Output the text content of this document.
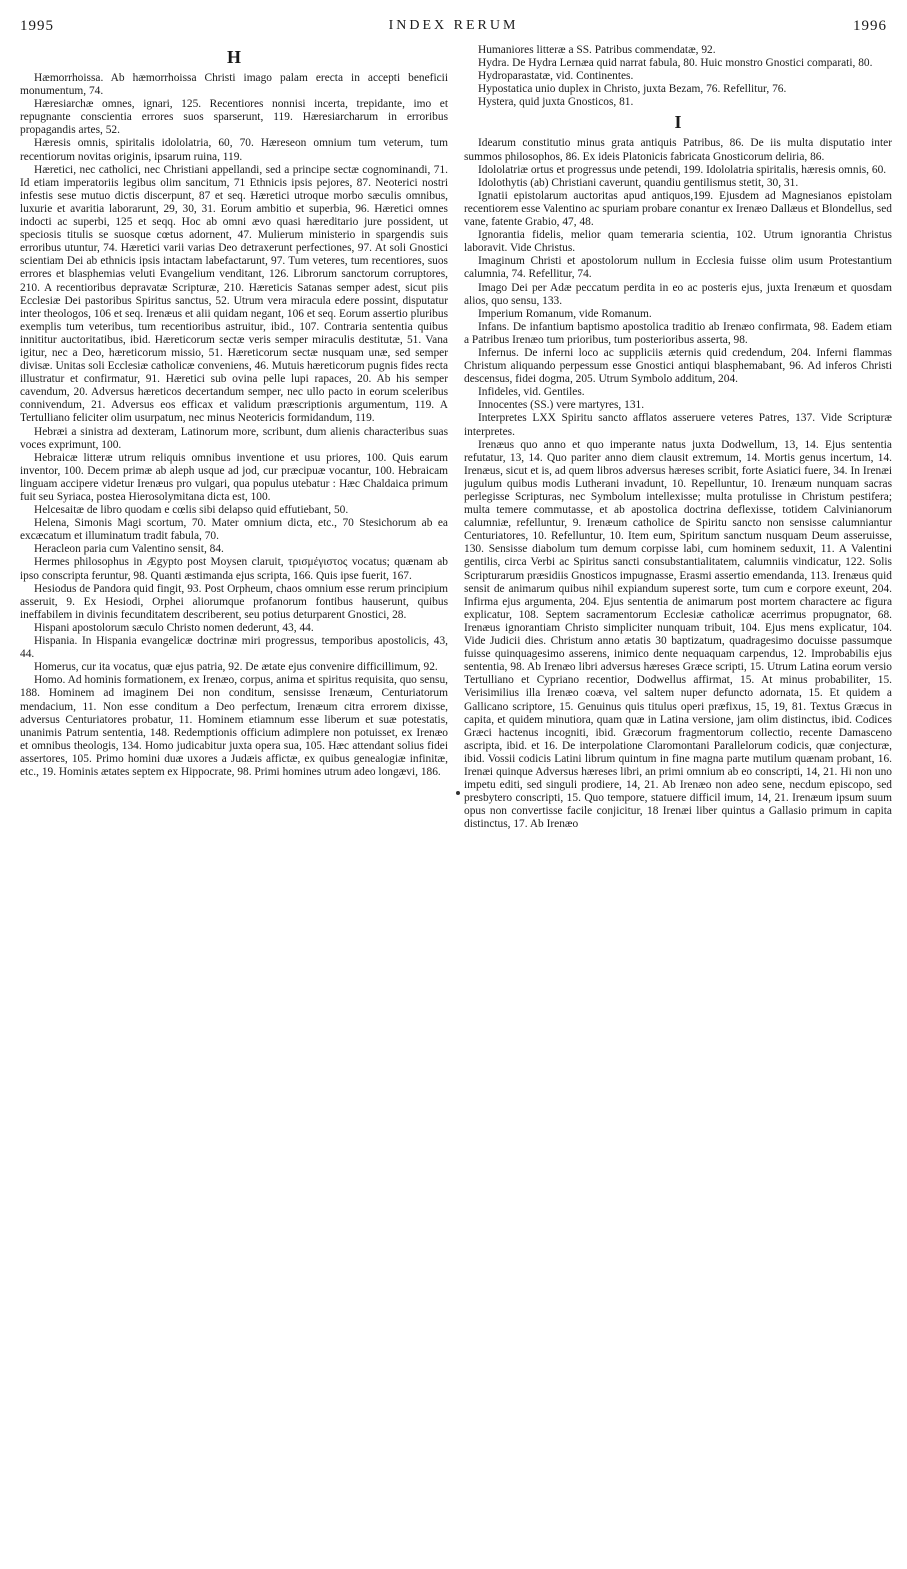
1995	INDEX RERUM	1996
H

Hæmorrhoissa. Ab hæmorrhoissa Christi imago palam erecta in accepti beneficii monumentum, 74.

Hæresiarchæ omnes, ignari, 125. Recentiores nonnisi incerta, trepidante, imo et repugnante conscientia errores suos sparserunt, 119. Hæresiarcharum in erroribus propagandis artes, 52.

Hæresis omnis, spiritalis idololatria, 60, 70. Hæreseon omnium tum veterum, tum recentiorum novitas originis, ipsarum ruina, 119.

Hæretici, nec catholici, nec Christiani appellandi, sed a principe sectæ cognominandi, 71. Id etiam imperatoriis legibus olim sancitum, 71 Ethnicis ipsis pejores, 87. Neoterici nostri infestis sese mutuo dictis discerpunt, 87 et seq. Hæretici utroque morbo sæculis omnibus, luxurie et avaritia laborarunt, 29, 30, 31. Eorum ambitio et superbia, 96. Hæretici omnes indocti ac superbi, 125 et seqq. Hoc ab omni ævo quasi hæreditario jure possident, ut speciosis titulis se suosque cœtus adornent, 47. Mulierum ministerio in spargendis suis erroribus utuntur, 74. Hæretici varii varias Deo detraxerunt perfectiones, 97. At soli Gnostici scientiam Dei ab ethnicis ipsis intactam labefactarunt, 97. Tum veteres, tum recentiores, suos errores et blasphemias veluti Evangelium venditant, 126. Librorum sanctorum corruptores, 210. A recentioribus depravatæ Scripturæ, 210. Hæreticis Satanas semper adest, sicut piis Ecclesiæ Dei pastoribus Spiritus sanctus, 52. Utrum vera miracula edere possint, disputatur inter theologos, 106 et seq. Irenæus et alii quidam negant, 106 et seq. Eorum assertio pluribus exemplis tum veteribus, tum recentioribus astruitur, ibid., 107. Contraria sententia quibus innititur auctoritatibus, ibid. Hæreticorum sectæ veris semper miraculis destitutæ, 51. Vana igitur, nec a Deo, hæreticorum missio, 51. Hæreticorum sectæ nusquam unæ, sed semper divisæ. Unitas soli Ecclesiæ catholicæ conveniens, 46. Mutuis hæreticorum pugnis fides recta illustratur et confirmatur, 91. Hæretici sub ovina pelle lupi rapaces, 20. Ab his semper cavendum, 20. Adversus hæreticos decertandum semper, nec ullo pacto in eorum sceleribus connivendum, 21. Adversus eos efficax et validum præscriptionis argumentum, 119. A Tertulliano feliciter olim usurpatum, nec minus Neotericis formidandum, 119.

Hebræi a sinistra ad dexteram, Latinorum more, scribunt, dum alienis characteribus suas voces exprimunt, 100.

Hebraicæ litteræ utrum reliquis omnibus inventione et usu priores, 100. Quis earum inventor, 100. Decem primæ ab aleph usque ad jod, cur præcipuæ vocantur, 100. Hebraicam linguam accipere videtur Irenæus pro vulgari, qua populus utebatur : Hæc Chaldaica primum fuit seu Syriaca, postea Hierosolymitana dicta est, 100.

Helcesaitæ de libro quodam e cœlis sibi delapso quid effutiebant, 50.

Helena, Simonis Magi scortum, 70. Mater omnium dicta, etc., 70 Stesichorum ab ea excæcatum et illuminatum tradit fabula, 70.

Heracleon paria cum Valentino sensit, 84.

Hermes philosophus in Ægypto post Moysen claruit, τρισμέγιστος vocatus; quænam ab ipso conscripta feruntur, 98. Quanti æstimanda ejus scripta, 166. Quis ipse fuerit, 167.

Hesiodus de Pandora quid fingit, 93. Post Orpheum, chaos omnium esse rerum principium asseruit, 9. Ex Hesiodi, Orphei aliorumque profanorum fontibus hauserunt, quibus ineffabilem in divinis fecunditatem describerent, seu potius deturparent Gnostici, 28.

Hispani apostolorum sæculo Christo nomen dederunt, 43, 44.

Hispania. In Hispania evangelicæ doctrinæ miri progressus, temporibus apostolicis, 43, 44.

Homerus, cur ita vocatus, quæ ejus patria, 92. De ætate ejus convenire difficillimum, 92.

Homo. Ad hominis formationem, ex Irenæo, corpus, anima et spiritus requisita, quo sensu, 188. Hominem ad imaginem Dei non conditum, sensisse Irenæum, Centuriatorum mendacium, 11. Non esse conditum a Deo perfectum, Irenæum citra errorem dixisse, adversus Centuriatores probatur, 11. Hominem etiamnum esse liberum et suæ potestatis, unanimis Patrum sententia, 148. Redemptionis officium adimplere non potuisset, ex Irenæo et omnibus theologis, 134. Homo judicabitur juxta opera sua, 105. Hæc attendant solius fidei assertores, 105. Primo homini duæ uxores a Judæis affictæ, ex quibus genealogiæ infinitæ, etc., 19. Hominis ætates septem ex Hippocrate, 98. Primi homines utrum adeo longævi, 186.

Humaniores litteræ a SS. Patribus commendatæ, 92.

Hydra. De Hydra Lernæa quid narrat fabula, 80. Huic monstro Gnostici comparati, 80.

Hydroparastatæ, vid. Continentes.

Hypostatica unio duplex in Christo, juxta Bezam, 76. Refellitur, 76.

Hystera, quid juxta Gnosticos, 81.

I

Idearum constitutio minus grata antiquis Patribus, 86. De iis multa disputatio inter summos philosophos, 86. Ex ideis Platonicis fabricata Gnosticorum deliria, 86.

Idololatriæ ortus et progressus unde petendi, 199. Idololatria spiritalis, hæresis omnis, 60.

Idolothytis (ab) Christiani caverunt, quandiu gentilismus stetit, 30, 31.

Ignatii epistolarum auctoritas apud antiquos,199. Ejusdem ad Magnesianos epistolam recentiorem esse Valentino ac spuriam probare conantur ex Irenæo Dallæus et Blondellus, sed vane, fatente Grabio, 47, 48.

Ignorantia fidelis, melior quam temeraria scientia, 102. Utrum ignorantia Christus laboravit. Vide Christus.

Imaginum Christi et apostolorum nullum in Ecclesia fuisse olim usum Protestantium calumnia, 74. Refellitur, 74.

Imago Dei per Adæ peccatum perdita in eo ac posteris ejus, juxta Irenæum et quosdam alios, quo sensu, 133.

Imperium Romanum, vide Romanum.

Infans. De infantium baptismo apostolica traditio ab Irenæo confirmata, 98. Eadem etiam a Patribus Irenæo tum prioribus, tum posterioribus asserta, 98.

Infernus. De inferni loco ac suppliciis æternis quid credendum, 204. Inferni flammas Christum aliquando perpessum esse Gnostici antiqui blasphemabant, 96. Ad inferos Christi descensus, fidei dogma, 205. Utrum Symbolo additum, 204.

Infideles, vid. Gentiles.

Innocentes (SS.) vere martyres, 131.

Interpretes LXX Spiritu sancto afflatos asseruere veteres Patres, 137. Vide Scripturæ interpretes.

Irenæus quo anno et quo imperante natus juxta Dodwellum, 13, 14. Ejus sententia refutatur, 13, 14. Quo pariter anno diem clausit extremum, 14. Mortis genus incertum, 14. Irenæus, sicut et is, ad quem libros adversus hæreses scribit, forte Asiatici fuere, 34. In Irenæi jugulum quibus modis Lutherani invadunt, 10. Repelluntur, 10. Irenæum nunquam sacras perlegisse Scripturas, nec Symbolum intellexisse; multa protulisse in Christum pestifera; multa temere commutasse, et ab apostolica doctrina deflexisse, totidem Calvinianorum calumniæ, refelluntur, 9. Irenæum catholice de Spiritu sancto non sensisse calumniantur Centuriatores, 10. Refelluntur, 10. Item eum, Spiritum sanctum nusquam Deum asseruisse, 130. Sensisse diabolum tum demum corpisse labi, cum hominem seduxit, 11. A Valentini gentilis, circa Verbi ac Spiritus sancti consubstantialitatem, calumniis vindicatur, 122. Solis Scripturarum præsidiis Gnosticos impugnasse, Erasmi assertio emendanda, 113. Irenæus quid sensit de animarum quibus nihil expiandum superest sorte, tum cum e corpore exeunt, 204. Infirma ejus argumenta, 204. Ejus sententia de animarum post mortem charactere ac figura explicatur, 108. Septem sacramentorum Ecclesiæ catholicæ acerrimus propugnator, 68. Irenæus ignorantiam Christo simpliciter nunquam tribuit, 104. Ejus mens explicatur, 104. Vide Judicii dies. Christum anno ætatis 30 baptizatum, quadragesimo docuisse passumque fuisse quinquagesimo asserens, inimico dente nequaquam carpendus, 12. Improbabilis ejus sententia, 98. Ab Irenæo libri adversus hæreses Græce scripti, 15. Utrum Latina eorum versio Tertulliano et Cypriano recentior, Dodwellus affirmat, 15. At minus probabiliter, 15. Verisimilius illa Irenæo coæva, vel saltem nuper defuncto adornata, 15. Et quidem a Gallicano scriptore, 15. Genuinus quis titulus operi præfixus, 15, 19, 81. Textus Græcus in capita, et quidem minutiora, quam quæ in Latina versione, jam olim distinctus, ibid. Codices Græci hactenus incogniti, ibid. Græcorum fragmentorum collectio, recente Damasceno ascripta, ibid. et 16. De interpolatione Claromontani Parallelorum codicis, quæ conjecturæ, ibid. Vossii codicis Latini librum quintum in fine magna parte mutilum quænam probant, 16. Irenæi quinque Adversus hæreses libri, an primi omnium ab eo conscripti, 14, 21. Hi non uno impetu editi, sed singuli prodiere, 14, 21. Ab Irenæo non adeo sene, necdum episcopo, sed presbytero conscripti, 15. Quo tempore, statuere difficil imum, 14, 21. Irenæum ipsum suum opus non convertisse facile conjicitur, 18 Irenæi liber quintus a Gallasio primum in capita distinctus, 17. Ab Irenæo
